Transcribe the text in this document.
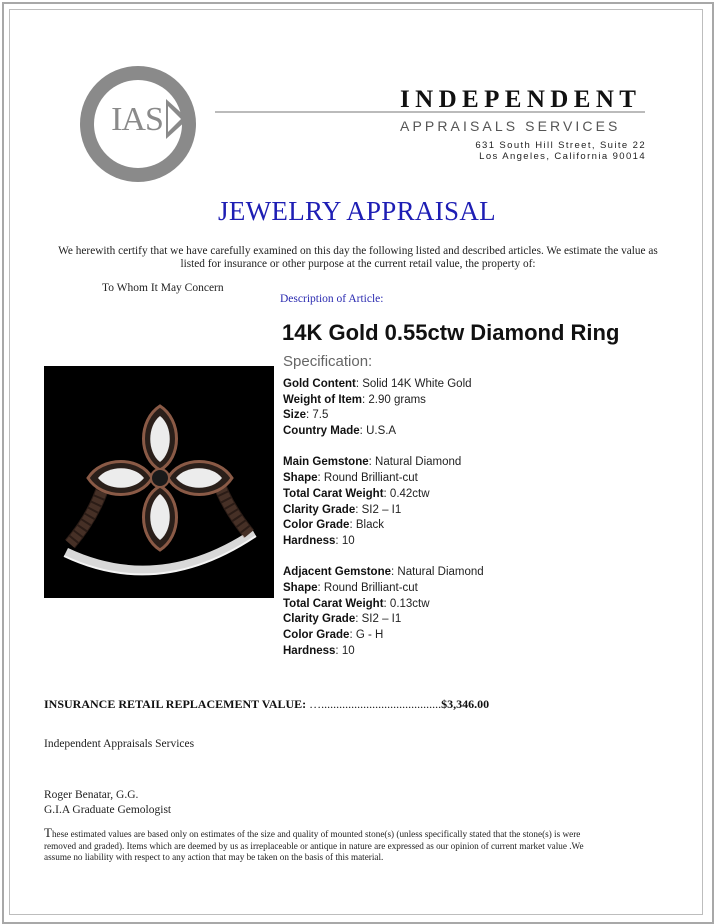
IAS
Appraisal
INDEPENDENT
APPRAISALS SERVICES
631 South Hill Street, Suite 22
Los Angeles, California 90014
JEWELRY APPRAISAL
We herewith certify that we have carefully examined on this day the following listed and described articles. We estimate the value as listed for insurance or other purpose at the current retail value, the property of:
To Whom It May Concern
Description of Article:
14K Gold 0.55ctw Diamond Ring
Specification:
Gold Content: Solid 14K White Gold
Weight of Item: 2.90 grams
Size: 7.5
Country Made: U.S.A
Main Gemstone: Natural Diamond
Shape: Round Brilliant-cut
Total Carat Weight: 0.42ctw
Clarity Grade: SI2 – I1
Color Grade: Black
Hardness: 10
Adjacent Gemstone: Natural Diamond
Shape: Round Brilliant-cut
Total Carat Weight: 0.13ctw
Clarity Grade: SI2 – I1
Color Grade: G - H
Hardness: 10
INSURANCE RETAIL REPLACEMENT VALUE: …........................................$3,346.00
Independent Appraisals Services
Roger Benatar, G.G.
G.I.A Graduate Gemologist
These estimated values are based only on estimates of the size and quality of mounted stone(s) (unless specifically stated that the stone(s) is were removed and graded). Items which are deemed by us as irreplaceable or antique in nature are expressed as our opinion of current market value .We assume no liability with respect to any action that may be taken on the basis of this material.
